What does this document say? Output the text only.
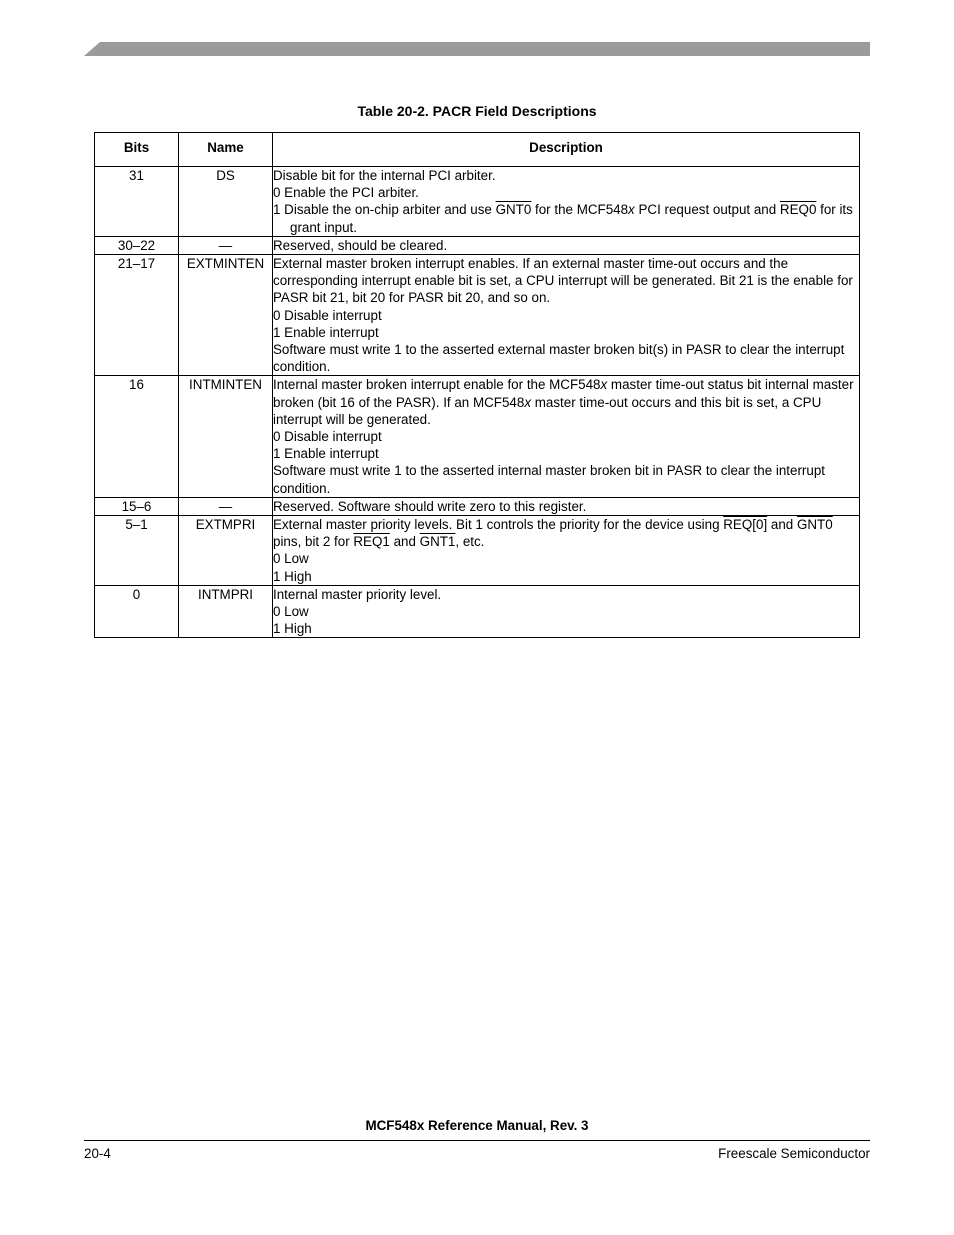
Table 20-2. PACR Field Descriptions
Bits	Name	Description
31	DS	Disable bit for the internal PCI arbiter.
0 Enable the PCI arbiter.
1 Disable the on-chip arbiter and use GNT0 for the MCF548x PCI request output and REQ0 for its grant input.

30–22	—	Reserved, should be cleared.

21–17	EXTMINTEN	External master broken interrupt enables. If an external master time-out occurs and the corresponding interrupt enable bit is set, a CPU interrupt will be generated. Bit 21 is the enable for PASR bit 21, bit 20 for PASR bit 20, and so on.
0 Disable interrupt
1 Enable interrupt
Software must write 1 to the asserted external master broken bit(s) in PASR to clear the interrupt condition.

16	INTMINTEN	Internal master broken interrupt enable for the MCF548x master time-out status bit internal master broken (bit 16 of the PASR). If an MCF548x master time-out occurs and this bit is set, a CPU interrupt will be generated.
0 Disable interrupt
1 Enable interrupt
Software must write 1 to the asserted internal master broken bit in PASR to clear the interrupt condition.

15–6	—	Reserved. Software should write zero to this register.

5–1	EXTMPRI	External master priority levels. Bit 1 controls the priority for the device using REQ[0] and GNT0 pins, bit 2 for REQ1 and GNT1, etc.
0 Low
1 High

0	INTMPRI	Internal master priority level.
0 Low
1 High
MCF548x Reference Manual, Rev. 3
20-4	Freescale Semiconductor
